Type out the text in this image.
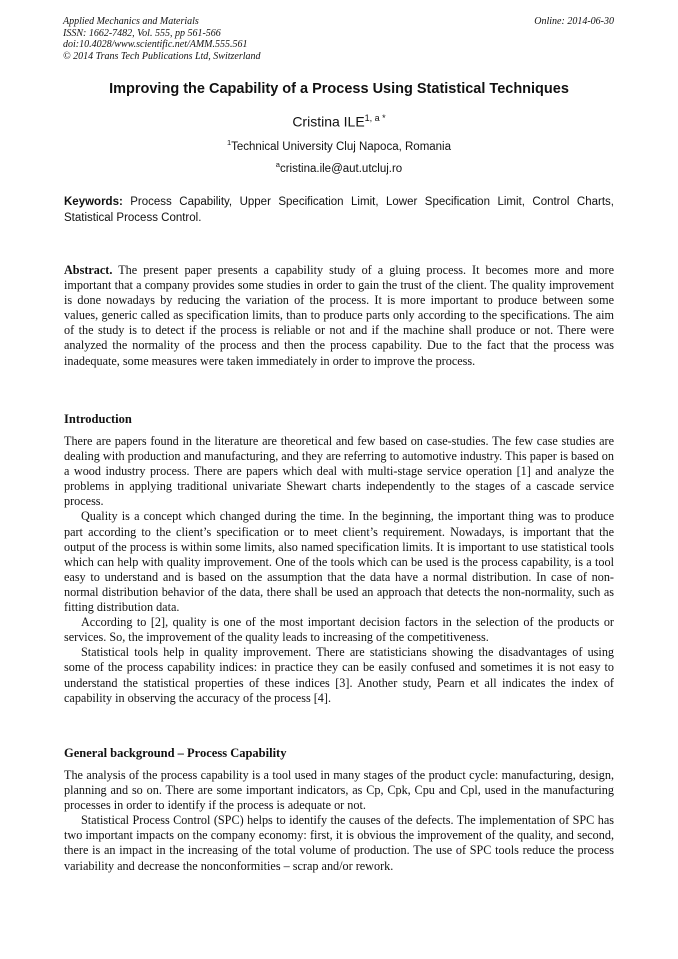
Applied Mechanics and Materials
ISSN: 1662-7482, Vol. 555, pp 561-566
doi:10.4028/www.scientific.net/AMM.555.561
© 2014 Trans Tech Publications Ltd, Switzerland
Online: 2014-06-30
Improving the Capability of a Process Using Statistical Techniques
Cristina $ILE^{1, a *}$
$^1$Technical University Cluj Napoca, Romania
$^a$cristina.ile@aut.utcluj.ro
Keywords: Process Capability, Upper Specification Limit, Lower Specification Limit, Control Charts, Statistical Process Control.

Abstract. The present paper presents a capability study of a gluing process. It becomes more and more important that a company provides some studies in order to gain the trust of the client. The quality improvement is done nowadays by reducing the variation of the process. It is more important to produce between some values, generic called as specification limits, than to produce parts only according to the specifications. The aim of the study is to detect if the process is reliable or not and if the machine shall produce or not. There were analyzed the normality of the process and then the process capability. Due to the fact that the process was inadequate, some measures were taken immediately in order to improve the process.

Introduction

There are papers found in the literature are theoretical and few based on case-studies. The few case studies are dealing with production and manufacturing, and they are referring to automotive industry. This paper is based on a wood industry process. There are papers which deal with multi-stage service operation [1] and analyze the problems in applying traditional univariate Shewart charts independently to the stages of a cascade service process.

Quality is a concept which changed during the time. In the beginning, the important thing was to produce part according to the client’s specification or to meet client’s requirement. Nowadays, is important that the output of the process is within some limits, also named specification limits. It is important to use statistical tools which can help with quality improvement. One of the tools which can be used is the process capability, is a tool easy to understand and is based on the assumption that the data have a normal distribution. In case of non-normal distribution behavior of the data, there shall be used an approach that detects the non-normality, such as fitting distribution data.

According to [2], quality is one of the most important decision factors in the selection of the products or services. So, the improvement of the quality leads to increasing of the competitiveness.

Statistical tools help in quality improvement. There are statisticians showing the disadvantages of using some of the process capability indices: in practice they can be easily confused and sometimes it is not easy to understand the statistical properties of these indices [3]. Another study, Pearn et all indicates the index of capability in observing the accuracy of the process [4].

General background – Process Capability

The analysis of the process capability is a tool used in many stages of the product cycle: manufacturing, design, planning and so on. There are some important indicators, as Cp, Cpk, Cpu and Cpl, used in the manufacturing processes in order to identify if the process is adequate or not.

Statistical Process Control (SPC) helps to identify the causes of the defects. The implementation of SPC has two important impacts on the company economy: first, it is obvious the improvement of the quality, and second, there is an impact in the increasing of the total volume of production. The use of SPC tools reduce the process variability and decrease the nonconformities – scrap and/or rework.
